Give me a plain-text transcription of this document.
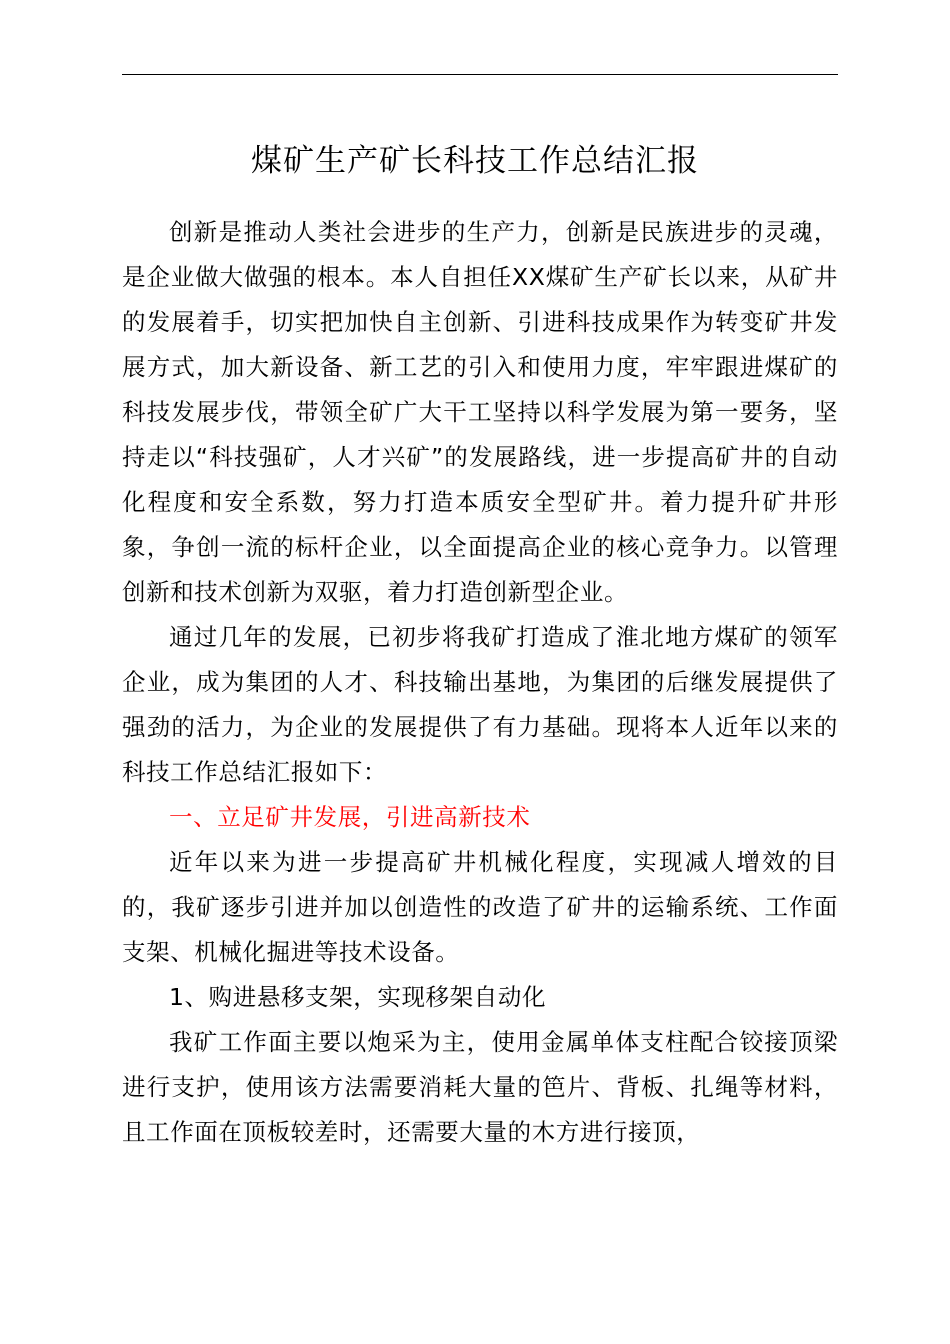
煤矿生产矿长科技工作总结汇报

创新是推动人类社会进步的生产力，创新是民族进步的灵魂，是企业做大做强的根本。本人自担任XX煤矿生产矿长以来，从矿井的发展着手，切实把加快自主创新、引进科技成果作为转变矿井发展方式，加大新设备、新工艺的引入和使用力度，牢牢跟进煤矿的科技发展步伐，带领全矿广大干工坚持以科学发展为第一要务，坚持走以“科技强矿，人才兴矿”的发展路线，进一步提高矿井的自动化程度和安全系数，努力打造本质安全型矿井。着力提升矿井形象，争创一流的标杆企业，以全面提高企业的核心竞争力。以管理创新和技术创新为双驱，着力打造创新型企业。

通过几年的发展，已初步将我矿打造成了淮北地方煤矿的领军企业，成为集团的人才、科技输出基地，为集团的后继发展提供了强劲的活力，为企业的发展提供了有力基础。现将本人近年以来的科技工作总结汇报如下：

一、立足矿井发展，引进高新技术

近年以来为进一步提高矿井机械化程度，实现减人增效的目的，我矿逐步引进并加以创造性的改造了矿井的运输系统、工作面支架、机械化掘进等技术设备。

1、购进悬移支架，实现移架自动化

我矿工作面主要以炮采为主，使用金属单体支柱配合铰接顶梁进行支护，使用该方法需要消耗大量的笆片、背板、扎绳等材料，且工作面在顶板较差时，还需要大量的木方进行接顶，
